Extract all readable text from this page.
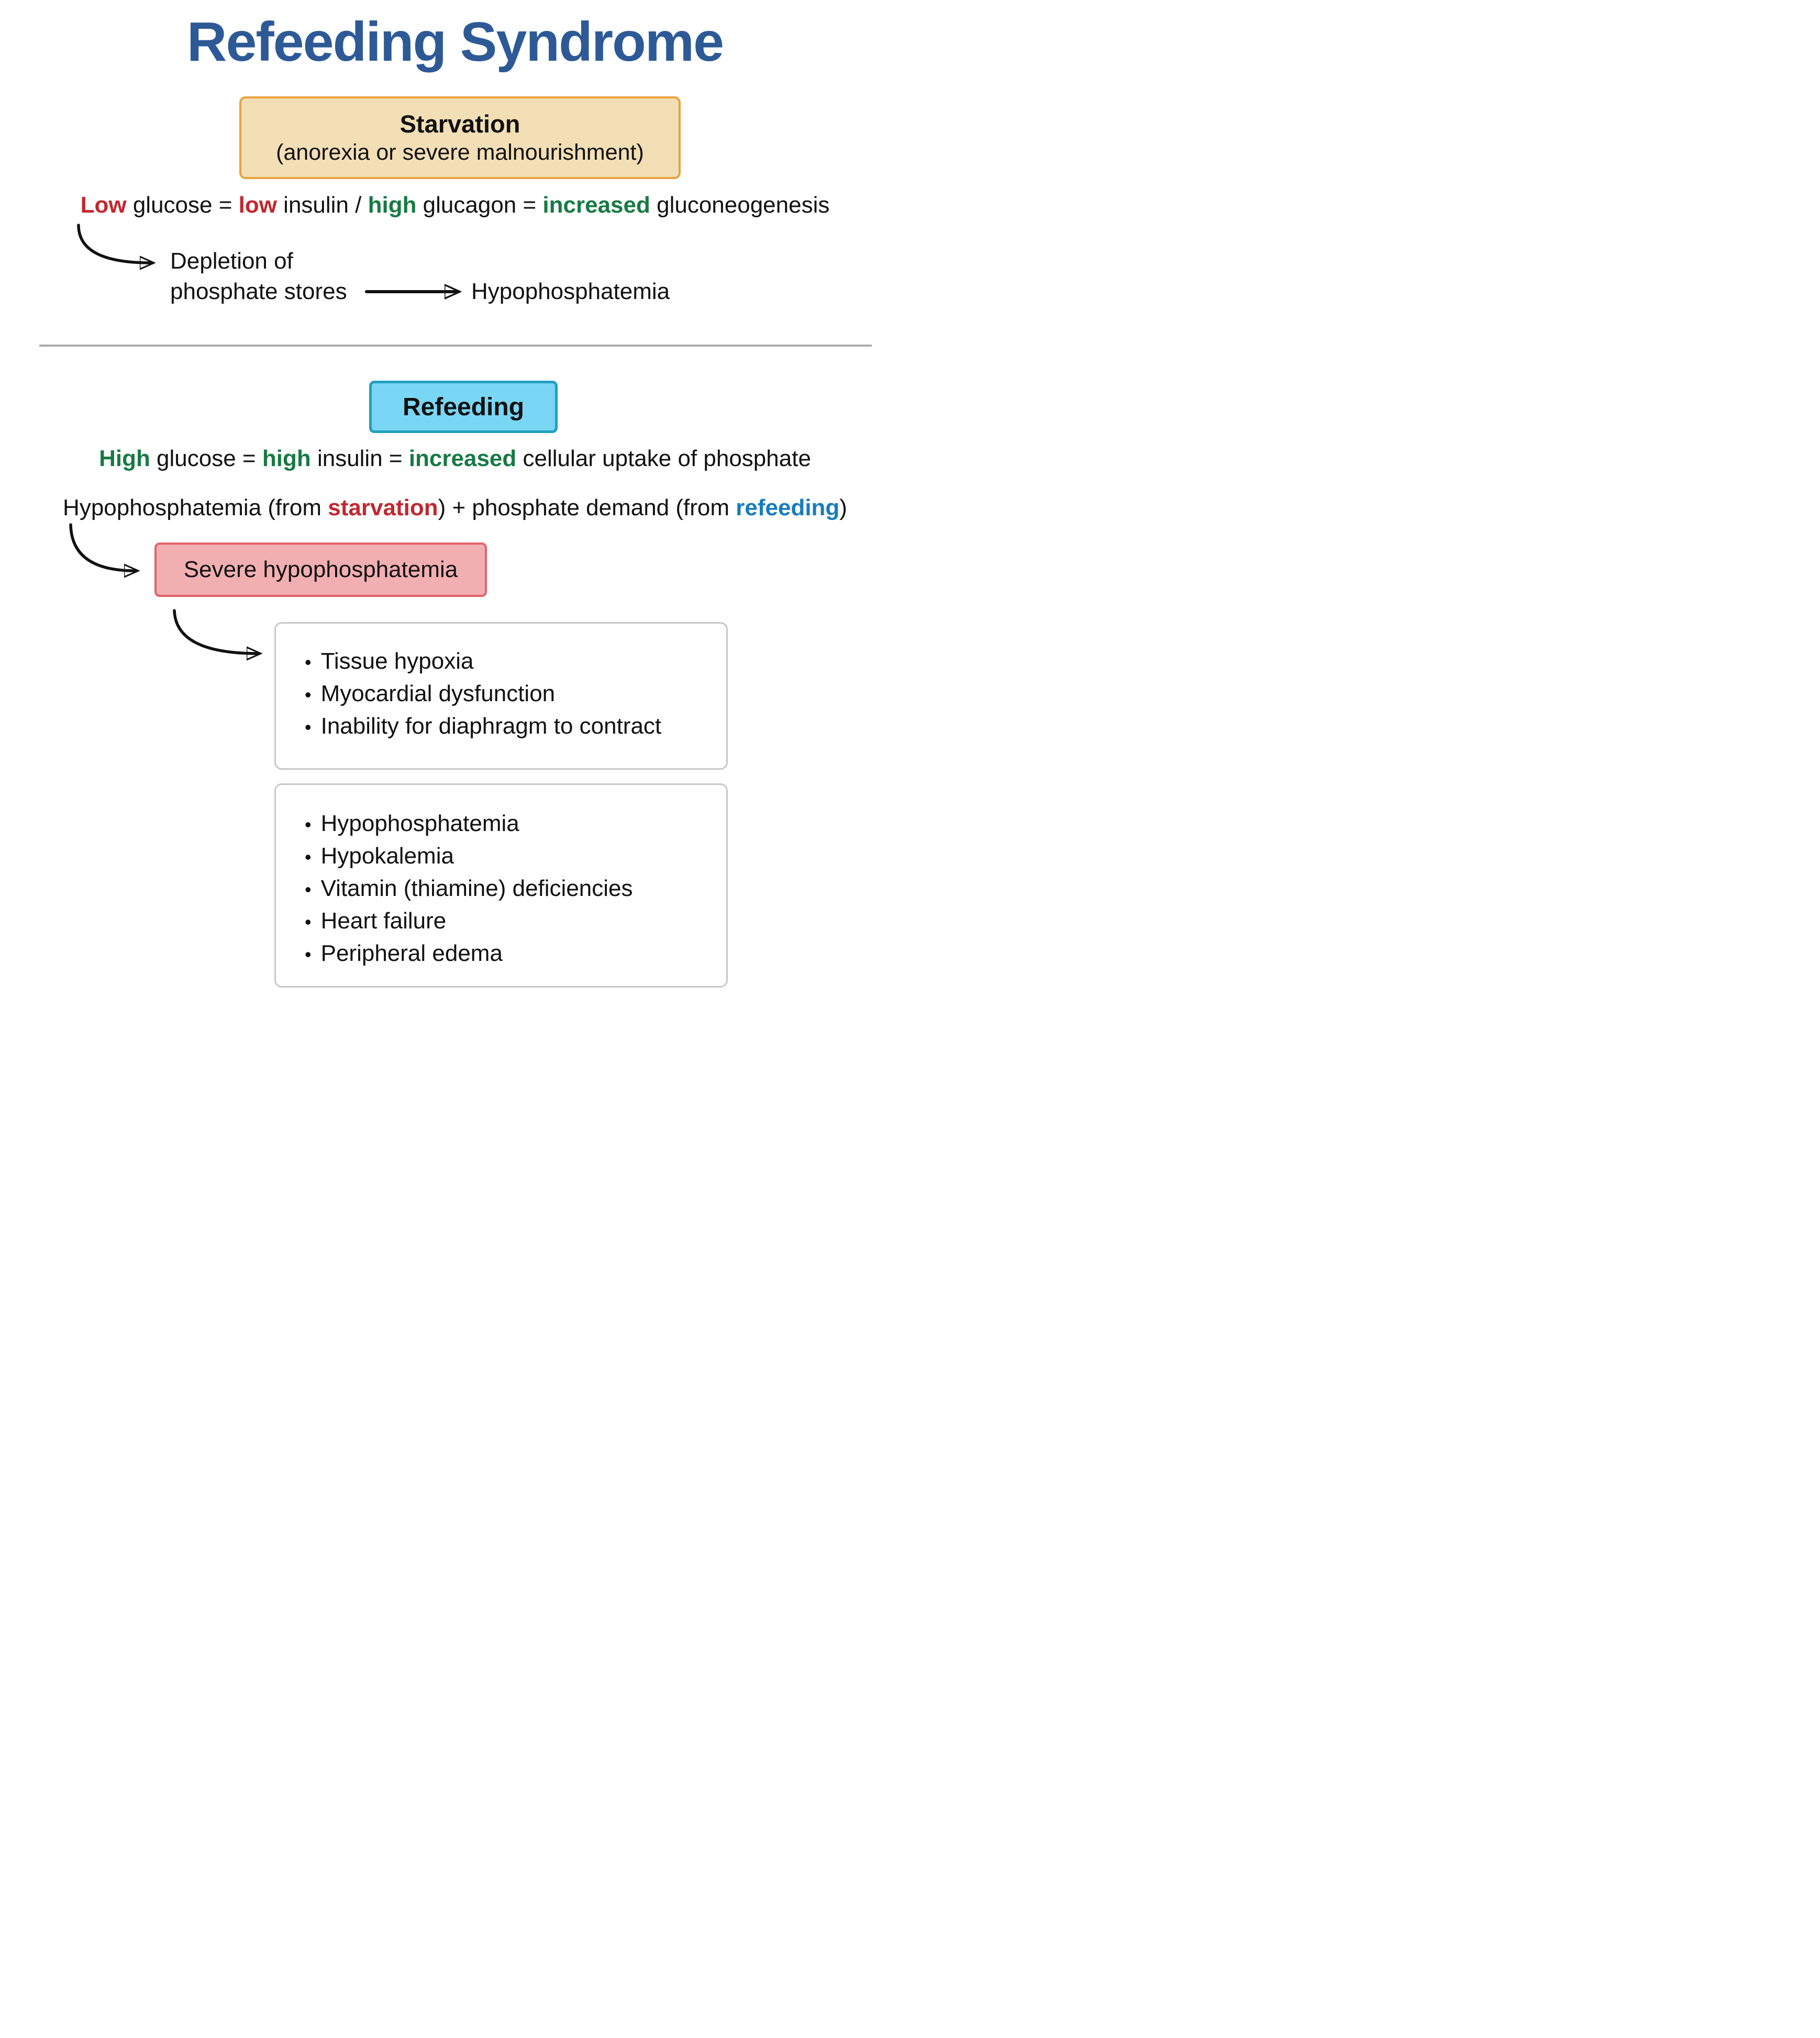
Refeeding Syndrome
Starvation
(anorexia or severe malnourishment)
Low glucose = low insulin / high glucagon = increased gluconeogenesis
Depletion of
phosphate stores	Hypophosphatemia
Refeeding
High glucose = high insulin = increased cellular uptake of phosphate
Hypophosphatemia (from starvation) + phosphate demand (from refeeding)
Severe hypophosphatemia
• Tissue hypoxia
• Myocardial dysfunction
• Inability for diaphragm to contract
• Hypophosphatemia
• Hypokalemia
• Vitamin (thiamine) deficiencies
• Heart failure
• Peripheral edema
